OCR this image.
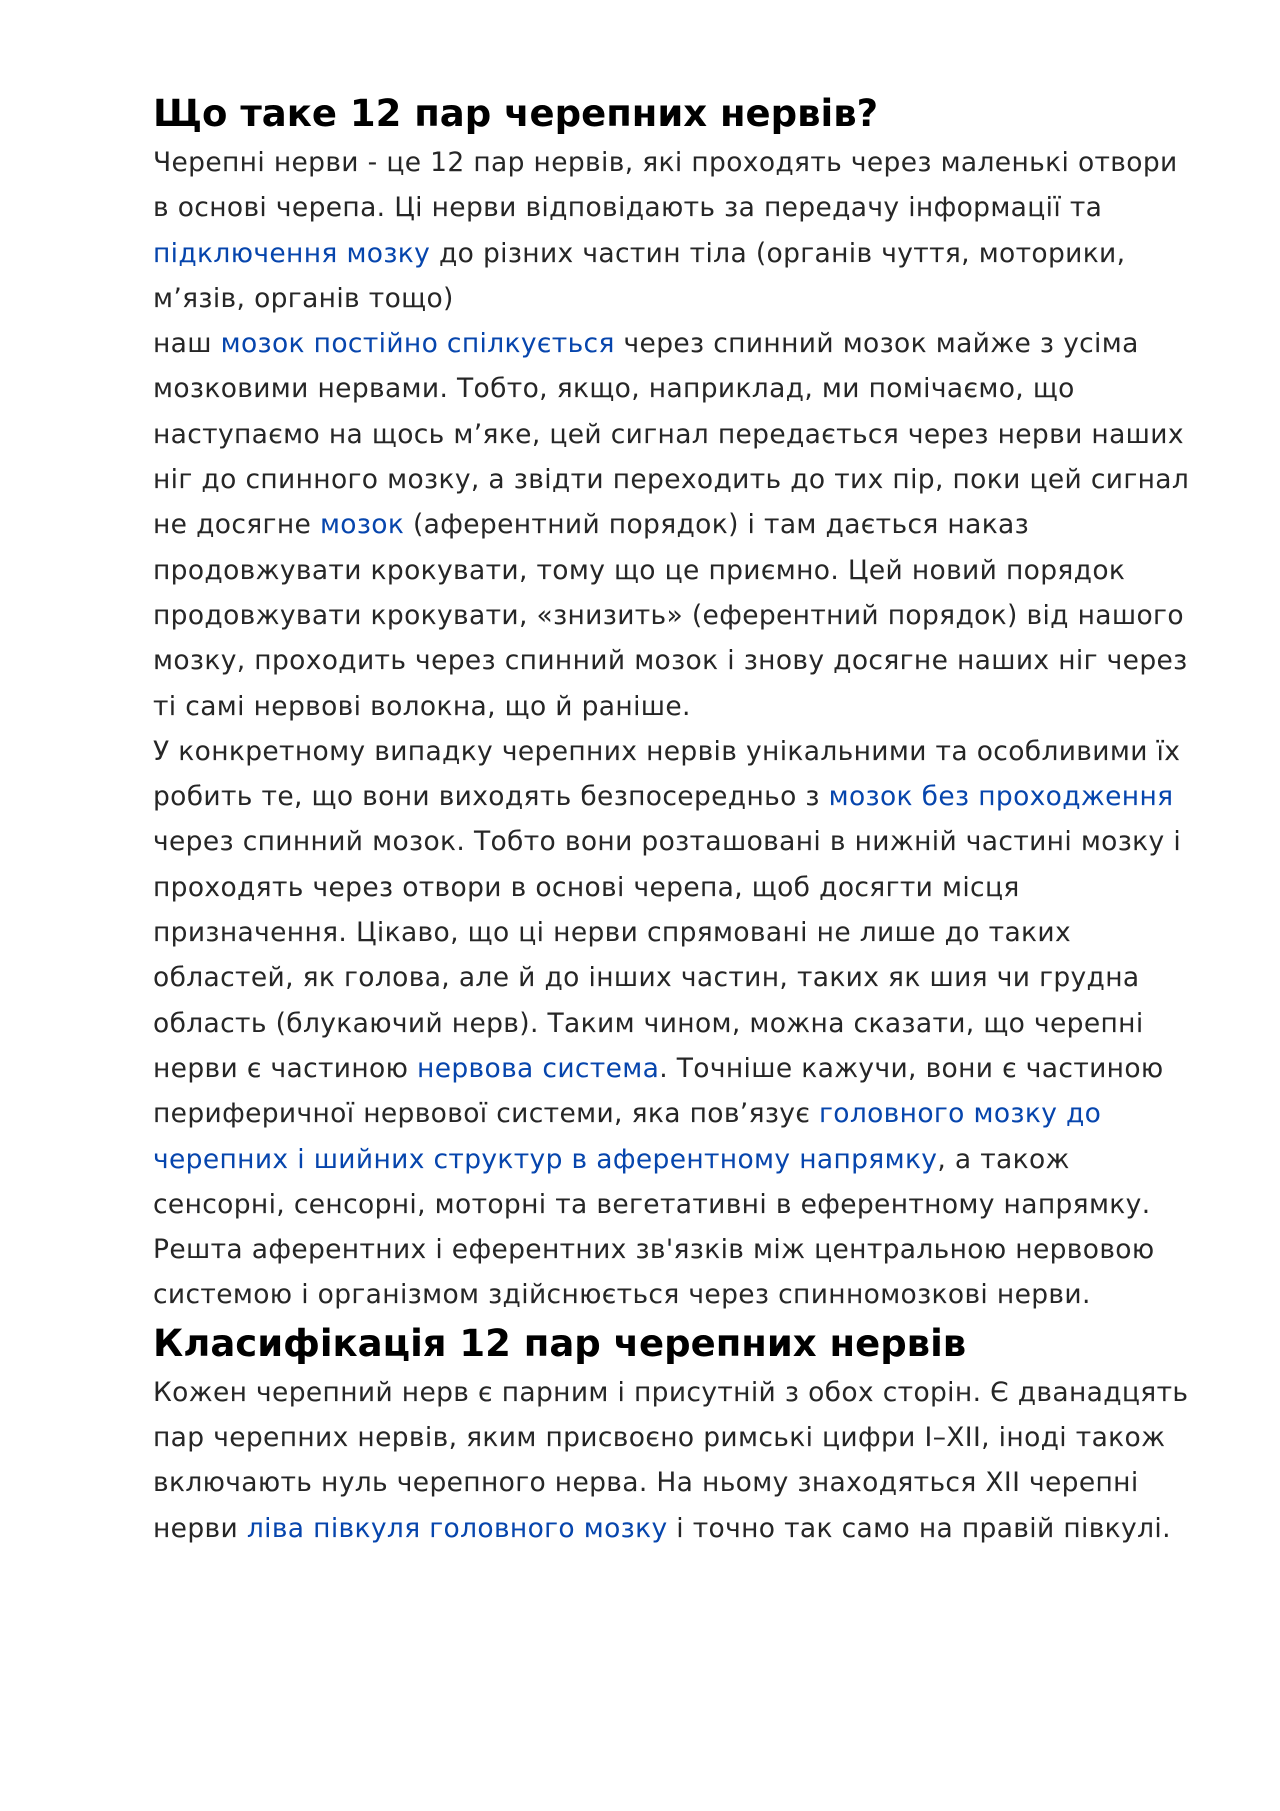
Що таке 12 пар черепних нервів?

Черепні нерви - це 12 пар нервів, які проходять через маленькі отвори в основі черепа. Ці нерви відповідають за передачу інформації та підключення мозку до різних частин тіла (органів чуття, моторики, м’язів, органів тощо)

наш мозок постійно спілкується через спинний мозок майже з усіма мозковими нервами. Тобто, якщо, наприклад, ми помічаємо, що наступаємо на щось м’яке, цей сигнал передається через нерви наших ніг до спинного мозку, а звідти переходить до тих пір, поки цей сигнал не досягне мозок (аферентний порядок) і там дається наказ продовжувати крокувати, тому що це приємно. Цей новий порядок продовжувати крокувати, «знизить» (еферентний порядок) від нашого мозку, проходить через спинний мозок і знову досягне наших ніг через ті самі нервові волокна, що й раніше.

У конкретному випадку черепних нервів унікальними та особливими їх робить те, що вони виходять безпосередньо з мозок без проходження через спинний мозок. Тобто вони розташовані в нижній частині мозку і проходять через отвори в основі черепа, щоб досягти місця призначення. Цікаво, що ці нерви спрямовані не лише до таких областей, як голова, але й до інших частин, таких як шия чи грудна область (блукаючий нерв). Таким чином, можна сказати, що черепні нерви є частиною нервова система. Точніше кажучи, вони є частиною периферичної нервової системи, яка пов’язує головного мозку до черепних і шийних структур в аферентному напрямку, а також сенсорні, сенсорні, моторні та вегетативні в еферентному напрямку. Решта аферентних і еферентних зв'язків між центральною нервовою системою і організмом здійснюється через спинномозкові нерви.

Класифікація 12 пар черепних нервів

Кожен черепний нерв є парним і присутній з обох сторін. Є дванадцять пар черепних нервів, яким присвоєно римські цифри I–XII, іноді також включають нуль черепного нерва. На ньому знаходяться XII черепні нерви ліва півкуля головного мозку і точно так само на правій півкулі.
